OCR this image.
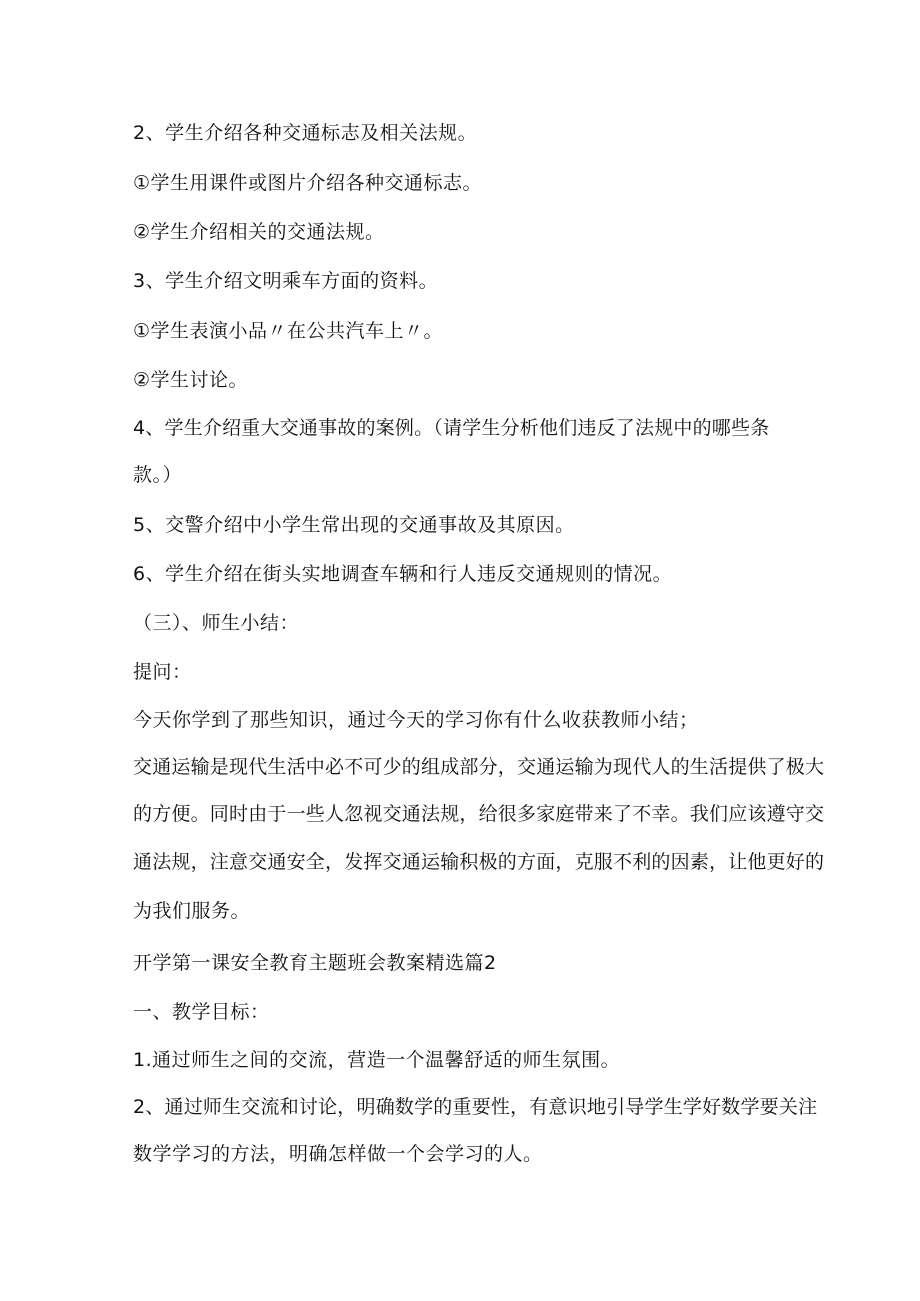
2、学生介绍各种交通标志及相关法规。
①学生用课件或图片介绍各种交通标志。
②学生介绍相关的交通法规。
3、学生介绍文明乘车方面的资料。
①学生表演小品〃在公共汽车上〃。
②学生讨论。
4、学生介绍重大交通事故的案例。（请学生分析他们违反了法规中的哪些条
款。）
5、交警介绍中小学生常出现的交通事故及其原因。
6、学生介绍在街头实地调查车辆和行人违反交通规则的情况。
（三）、师生小结：
提问：
今天你学到了那些知识，通过今天的学习你有什么收获教师小结；
交通运输是现代生活中必不可少的组成部分，交通运输为现代人的生活提供了极大
的方便。同时由于一些人忽视交通法规，给很多家庭带来了不幸。我们应该遵守交
通法规，注意交通安全，发挥交通运输积极的方面，克服不利的因素，让他更好的
为我们服务。
开学第一课安全教育主题班会教案精选篇2
一、教学目标：
1.通过师生之间的交流，营造一个温馨舒适的师生氛围。
2、通过师生交流和讨论，明确数学的重要性，有意识地引导学生学好数学要关注
数学学习的方法，明确怎样做一个会学习的人。
